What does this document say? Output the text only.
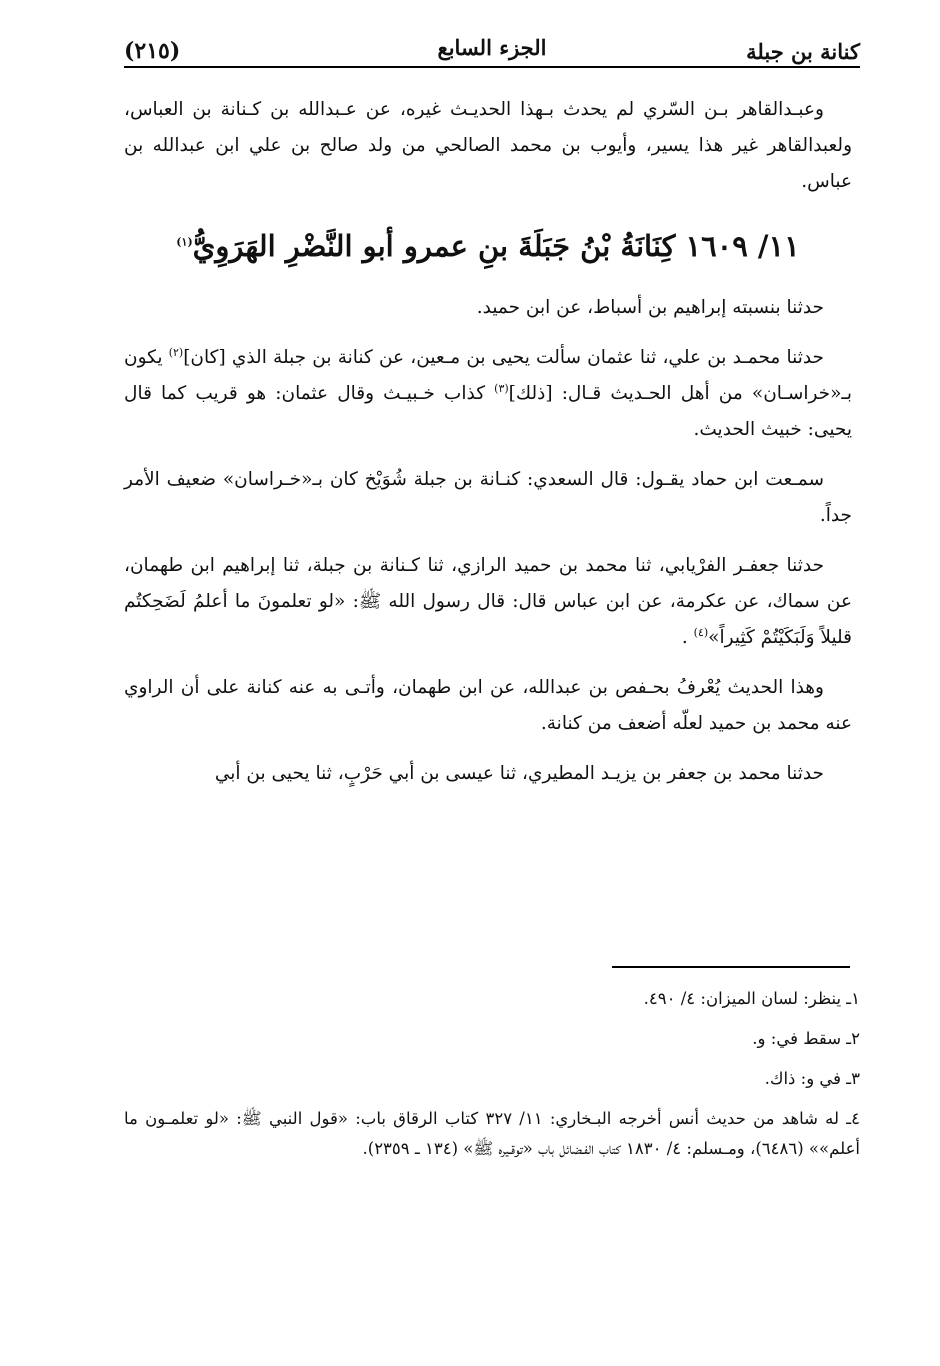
كنانة بن جبلة
الجزء السابع
(٢١٥)

وعبـدالقاهر بـن السّري لم يحدث بـهذا الحديـث غيره، عن عـبدالله بن كـنانة بن العباس، ولعبدالقاهر غير هذا يسير، وأيوب بن محمد الصالحي من ولد صالح بن علي ابن عبدالله بن عباس.

١١/ ١٦٠٩ كِنَانَةُ بْنُ جَبَلَةَ بنِ عمرو أبو النَّضْرِ الهَرَوِيُّ$^{(١)}$

حدثنا بنسبته إبراهيم بن أسباط، عن ابن حميد.

حدثنا محمـد بن علي، ثنا عثمان سألت يحيى بن مـعين، عن كنانة بن جبلة الذي [كان]$^{(٢)}$ يكون بـ«خراسـان» من أهل الحـديث قـال: [ذلك]$^{(٣)}$ كذاب خـبيـث وقال عثمان: هو قريب كما قال يحيى: خبيث الحديث.

سمـعت ابن حماد يقـول: قال السعدي: كنـانة بن جبلة شُوَيْخ كان بـ«خـراسان» ضعيف الأمر جداً.

حدثنا جعفـر الفرْيابي، ثنا محمد بن حميد الرازي، ثنا كـنانة بن جبلة، ثنا إبراهيم ابن طهمان، عن سماك، عن عكرمة، عن ابن عباس قال: قال رسول الله ﷺ: «لو تعلمونَ ما أعلمُ لَضَحِكتُم قليلاً وَلَبَكَيْتُمْ كَثِيراً»$^{(٤)}$ .

وهذا الحديث يُعْرفُ بحـفص بن عبدالله، عن ابن طهمان، وأتـى به عنه كنانة على أن الراوي عنه محمد بن حميد لعلّه أضعف من كنانة.

حدثنا محمد بن جعفر بن يزيـد المطيري، ثنا عيسى بن أبي حَرْبٍ، ثنا يحيى بن أبي

١ـ ينظر: لسان الميزان: ٤/ ٤٩٠.
٢ـ سقط في: و.
٣ـ في و: ذاك.
٤ـ له شاهد من حديث أنس أخرجه البـخاري: ١١/ ٣٢٧ كتاب الرقاق باب: «قول النبي ﷺ: «لو تعلمـون ما أعلم»» (٦٤٨٦)، ومـسلم: ٤/ ١٨٣٠ كتاب الفـضائل باب «توقـيره ﷺ» (١٣٤ ـ ٢٣٥٩).
